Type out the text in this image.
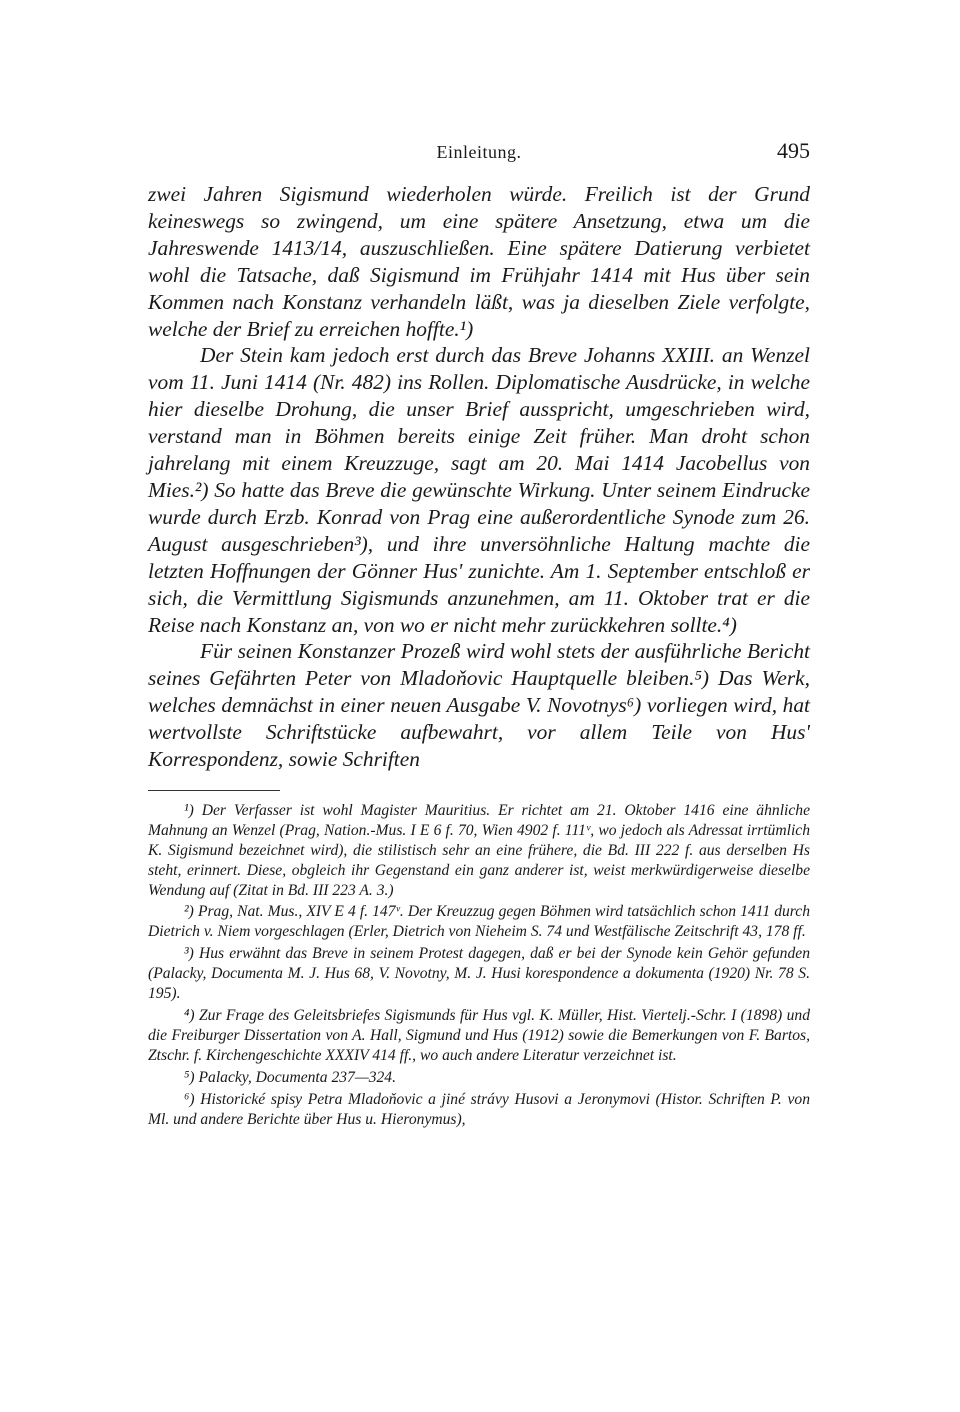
Einleitung.	495

zwei Jahren Sigismund wiederholen würde. Freilich ist der Grund keineswegs so zwingend, um eine spätere Ansetzung, etwa um die Jahreswende 1413/14, auszuschließen. Eine spätere Datierung verbietet wohl die Tatsache, daß Sigismund im Frühjahr 1414 mit Hus über sein Kommen nach Konstanz verhandeln läßt, was ja dieselben Ziele verfolgte, welche der Brief zu erreichen hoffte.¹)

Der Stein kam jedoch erst durch das Breve Johanns XXIII. an Wenzel vom 11. Juni 1414 (Nr. 482) ins Rollen. Diplomatische Ausdrücke, in welche hier dieselbe Drohung, die unser Brief ausspricht, umgeschrieben wird, verstand man in Böhmen bereits einige Zeit früher. Man droht schon jahrelang mit einem Kreuzzuge, sagt am 20. Mai 1414 Jacobellus von Mies.²) So hatte das Breve die gewünschte Wirkung. Unter seinem Eindrucke wurde durch Erzb. Konrad von Prag eine außerordentliche Synode zum 26. August ausgeschrieben³), und ihre unversöhnliche Haltung machte die letzten Hoffnungen der Gönner Hus' zunichte. Am 1. September entschloß er sich, die Vermittlung Sigismunds anzunehmen, am 11. Oktober trat er die Reise nach Konstanz an, von wo er nicht mehr zurückkehren sollte.⁴)

Für seinen Konstanzer Prozeß wird wohl stets der ausführliche Bericht seines Gefährten Peter von Mladoňovic Hauptquelle bleiben.⁵) Das Werk, welches demnächst in einer neuen Ausgabe V. Novotnys⁶) vorliegen wird, hat wertvollste Schriftstücke aufbewahrt, vor allem Teile von Hus' Korrespondenz, sowie Schriften

¹) Der Verfasser ist wohl Magister Mauritius. Er richtet am 21. Oktober 1416 eine ähnliche Mahnung an Wenzel (Prag, Nation.-Mus. I E 6 f. 70, Wien 4902 f. 111ᵛ, wo jedoch als Adressat irrtümlich K. Sigismund bezeichnet wird), die stilistisch sehr an eine frühere, die Bd. III 222 f. aus derselben Hs steht, erinnert. Diese, obgleich ihr Gegenstand ein ganz anderer ist, weist merkwürdigerweise dieselbe Wendung auf (Zitat in Bd. III 223 A. 3.)

²) Prag, Nat. Mus., XIV E 4 f. 147ᵛ. Der Kreuzzug gegen Böhmen wird tatsächlich schon 1411 durch Dietrich v. Niem vorgeschlagen (Erler, Dietrich von Nieheim S. 74 und Westfälische Zeitschrift 43, 178 ff.

³) Hus erwähnt das Breve in seinem Protest dagegen, daß er bei der Synode kein Gehör gefunden (Palacky, Documenta M. J. Hus 68, V. Novotny, M. J. Husi korespondence a dokumenta (1920) Nr. 78 S. 195).

⁴) Zur Frage des Geleitsbriefes Sigismunds für Hus vgl. K. Müller, Hist. Viertelj.-Schr. I (1898) und die Freiburger Dissertation von A. Hall, Sigmund und Hus (1912) sowie die Bemerkungen von F. Bartos, Ztschr. f. Kirchengeschichte XXXIV 414 ff., wo auch andere Literatur verzeichnet ist.

⁵) Palacky, Documenta 237—324.

⁶) Historické spisy Petra Mladoňovic a jiné strávy Husovi a Jeronymovi (Histor. Schriften P. von Ml. und andere Berichte über Hus u. Hieronymus),
